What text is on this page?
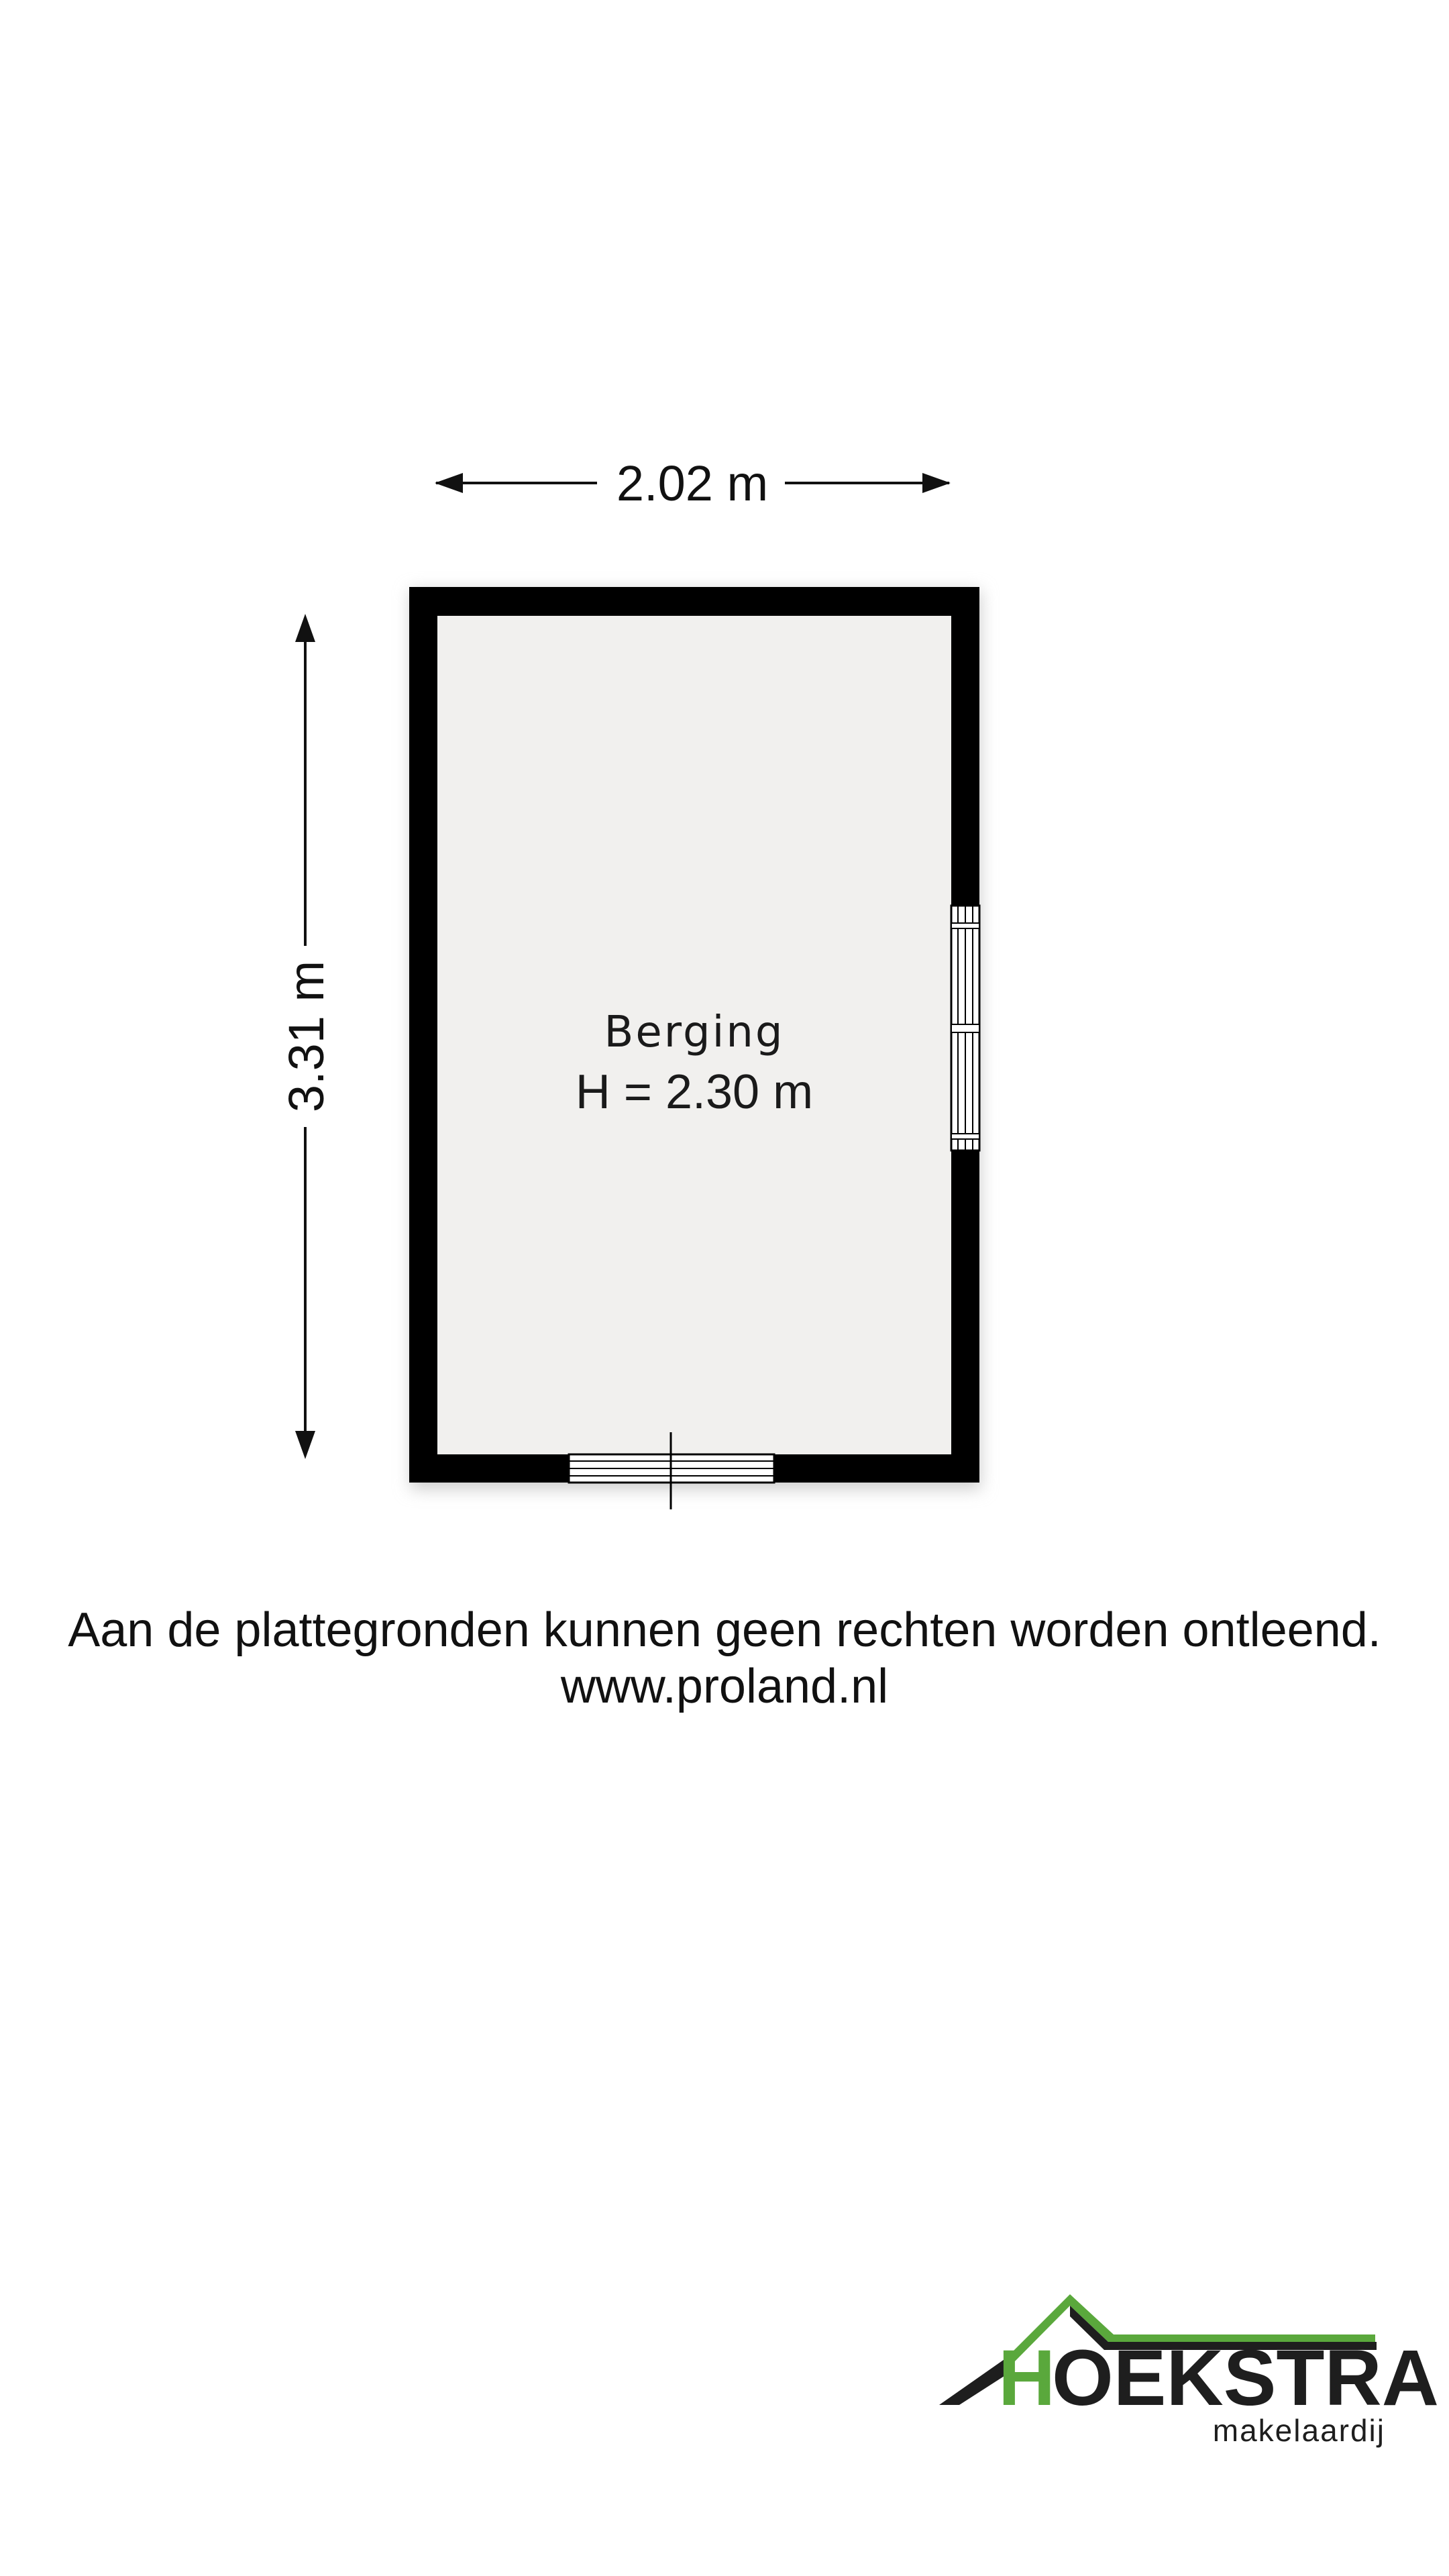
2.02 m
3.31 m	Berging
H = 2.30 m
Aan de plattegronden kunnen geen rechten worden ontleend.
www.proland.nl
H
OEKSTRA
makelaardij
